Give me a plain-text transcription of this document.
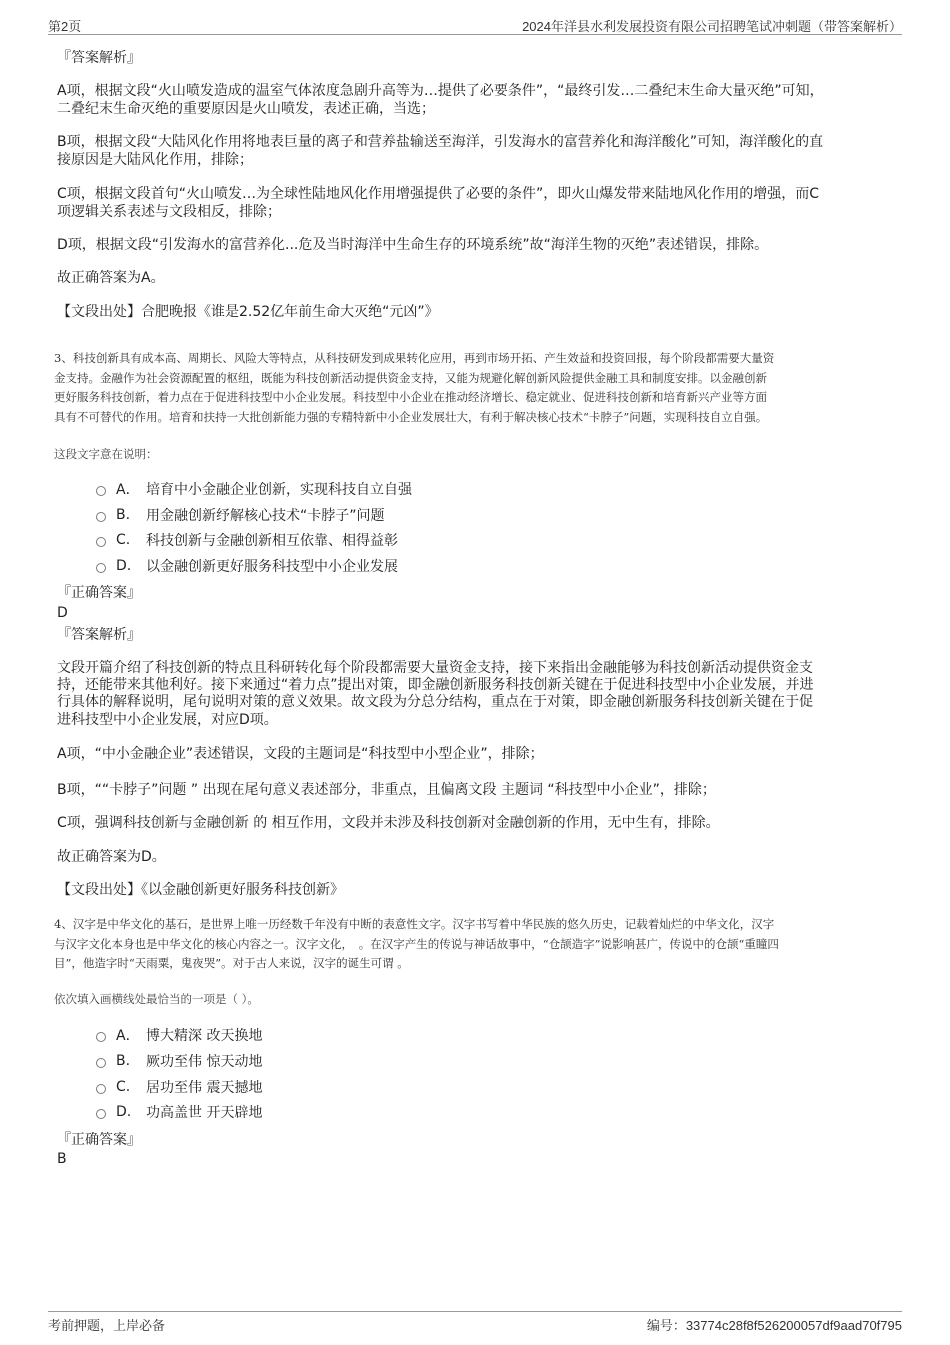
第2页	2024年洋县水利发展投资有限公司招聘笔试冲刺题（带答案解析）
『答案解析』
A项，根据文段“火山喷发造成的温室气体浓度急剧升高等为…提供了必要条件”，“最终引发…二叠纪末生命大量灭绝”可知，
二叠纪末生命灭绝的重要原因是火山喷发，表述正确，当选；
B项，根据文段“大陆风化作用将地表巨量的离子和营养盐输送至海洋，引发海水的富营养化和海洋酸化”可知，海洋酸化的直
接原因是大陆风化作用，排除；
C项，根据文段首句“火山喷发…为全球性陆地风化作用增强提供了必要的条件”，即火山爆发带来陆地风化作用的增强，而C
项逻辑关系表述与文段相反，排除；
D项，根据文段“引发海水的富营养化...危及当时海洋中生命生存的环境系统”故“海洋生物的灭绝”表述错误，排除。
故正确答案为A。
【文段出处】合肥晚报《谁是2.52亿年前生命大灭绝“元凶”》
3、科技创新具有成本高、周期长、风险大等特点，从科技研发到成果转化应用，再到市场开拓、产生效益和投资回报，每个阶段都需要大量资
金支持。金融作为社会资源配置的枢纽，既能为科技创新活动提供资金支持，又能为规避化解创新风险提供金融工具和制度安排。以金融创新
更好服务科技创新，着力点在于促进科技型中小企业发展。科技型中小企业在推动经济增长、稳定就业、促进科技创新和培育新兴产业等方面
具有不可替代的作用。培育和扶持一大批创新能力强的专精特新中小企业发展壮大，有利于解决核心技术“卡脖子”问题，实现科技自立自强。
这段文字意在说明：
A． 培育中小金融企业创新，实现科技自立自强
B.	用金融创新纾解核心技术“卡脖子”问题
C.	科技创新与金融创新相互依靠、相得益彰
D.	以金融创新更好服务科技型中小企业发展
『正确答案』
D
『答案解析』
文段开篇介绍了科技创新的特点且科研转化每个阶段都需要大量资金支持，接下来指出金融能够为科技创新活动提供资金支
持，还能带来其他利好。接下来通过“着力点”提出对策，即金融创新服务科技创新关键在于促进科技型中小企业发展，并进
行具体的解释说明，尾句说明对策的意义效果。故文段为分总分结构，重点在于对策，即金融创新服务科技创新关键在于促
进科技型中小企业发展，对应D项。
A项，“中小金融企业”表述错误，文段的主题词是“科技型中小型企业”，排除；
B项，““卡脖子”问题 ” 出现在尾句意义表述部分，非重点，且偏离文段 主题词 “科技型中小企业”，排除；
C项，强调科技创新与金融创新 的 相互作用，文段并未涉及科技创新对金融创新的作用，无中生有，排除。
故正确答案为D。
【文段出处】《以金融创新更好服务科技创新》
4、汉字是中华文化的基石，是世界上唯一历经数千年没有中断的表意性文字。汉字书写着中华民族的悠久历史，记载着灿烂的中华文化，汉字
与汉字文化本身也是中华文化的核心内容之一。汉字文化，　。在汉字产生的传说与神话故事中，“仓颉造字”说影响甚广，传说中的仓颉“重瞳四
目”，他造字时“天雨粟，鬼夜哭”。对于古人来说，汉字的诞生可谓 。
依次填入画横线处最恰当的一项是（ ）。
A． 博大精深 改天换地
B.	厥功至伟 惊天动地
C.	居功至伟 震天撼地
D.	功高盖世 开天辟地
『正确答案』
B
考前押题，上岸必备	编号：33774c28f8f526200057df9aad70f795
